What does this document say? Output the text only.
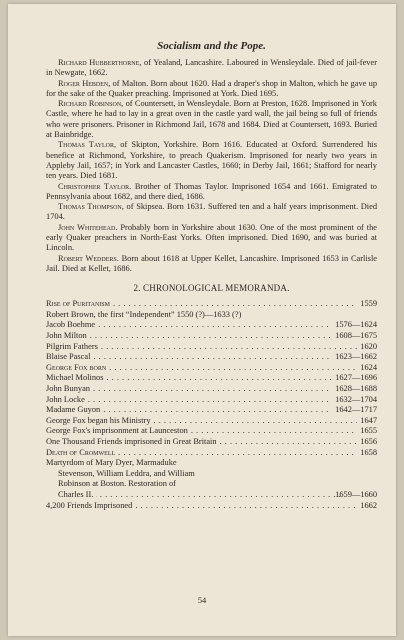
Socialism and the Pope.

Richard Hubberthorne, of Yealand, Lancashire. Laboured in Wensleydale. Died of jail-fever in Newgate, 1662.

Roger Hebden, of Malton. Born about 1620. Had a draper's shop in Malton, which he gave up for the sake of the Quaker preaching. Imprisoned at York. Died 1695.

Richard Robinson, of Countersett, in Wensleydale. Born at Preston, 1628. Imprisoned in York Castle, where he had to lay in a great oven in the castle yard wall, the jail being so full of friends who were prisoners. Prisoner in Richmond Jail, 1678 and 1684. Died at Countersett, 1693. Buried at Bainbridge.

Thomas Taylor, of Skipton, Yorkshire. Born 1616. Educated at Oxford. Surrendered his benefice at Richmond, Yorkshire, to preach Quakerism. Imprisoned for nearly two years in Appleby Jail, 1657; in York and Lancaster Castles, 1660; in Derby Jail, 1661; Stafford for nearly ten years. Died 1681.

Christopher Taylor. Brother of Thomas Taylor. Imprisoned 1654 and 1661. Emigrated to Pennsylvania about 1682, and there died, 1686.

Thomas Thompson, of Skipsea. Born 1631. Suffered ten and a half years imprisonment. Died 1704.

John Whitehead. Probably born in Yorkshire about 1630. One of the most prominent of the early Quaker preachers in North-East Yorks. Often imprisoned. Died 1690, and was buried at Lincoln.

Robert Wedders. Born about 1618 at Upper Kellet, Lancashire. Imprisoned 1653 in Carlisle Jail. Died at Kellet, 1686.

2. CHRONOLOGICAL MEMORANDA.
Rise of Puritanism . . .	1559
Robert Brown, the first “Independent” 1550 (?)—1633 (?)
Jacob Boehme . . .	1576—1624
John Milton . . .	1608—1675
Pilgrim Fathers . . .	1620
Blaise Pascal . . .	1623—1662
George Fox born . . .	1624
Michael Molinos . . .	1627—1696
John Bunyan . . .	1628—1688
John Locke . . .	1632—1704
Madame Guyon . . .	1642—1717
George Fox began his Ministry . . .	1647
George Fox's imprisonment at Launceston . . .	1655
One Thousand Friends imprisoned in Great Britain . . .	1656
Death of Cromwell . . .	1658
Martyrdom of Mary Dyer, Marmaduke
Stevenson, William Leddra, and William
Robinson at Boston. Restoration of
Charles II. . . .	1659—1660
4,200 Friends Imprisoned . . .	1662
54
